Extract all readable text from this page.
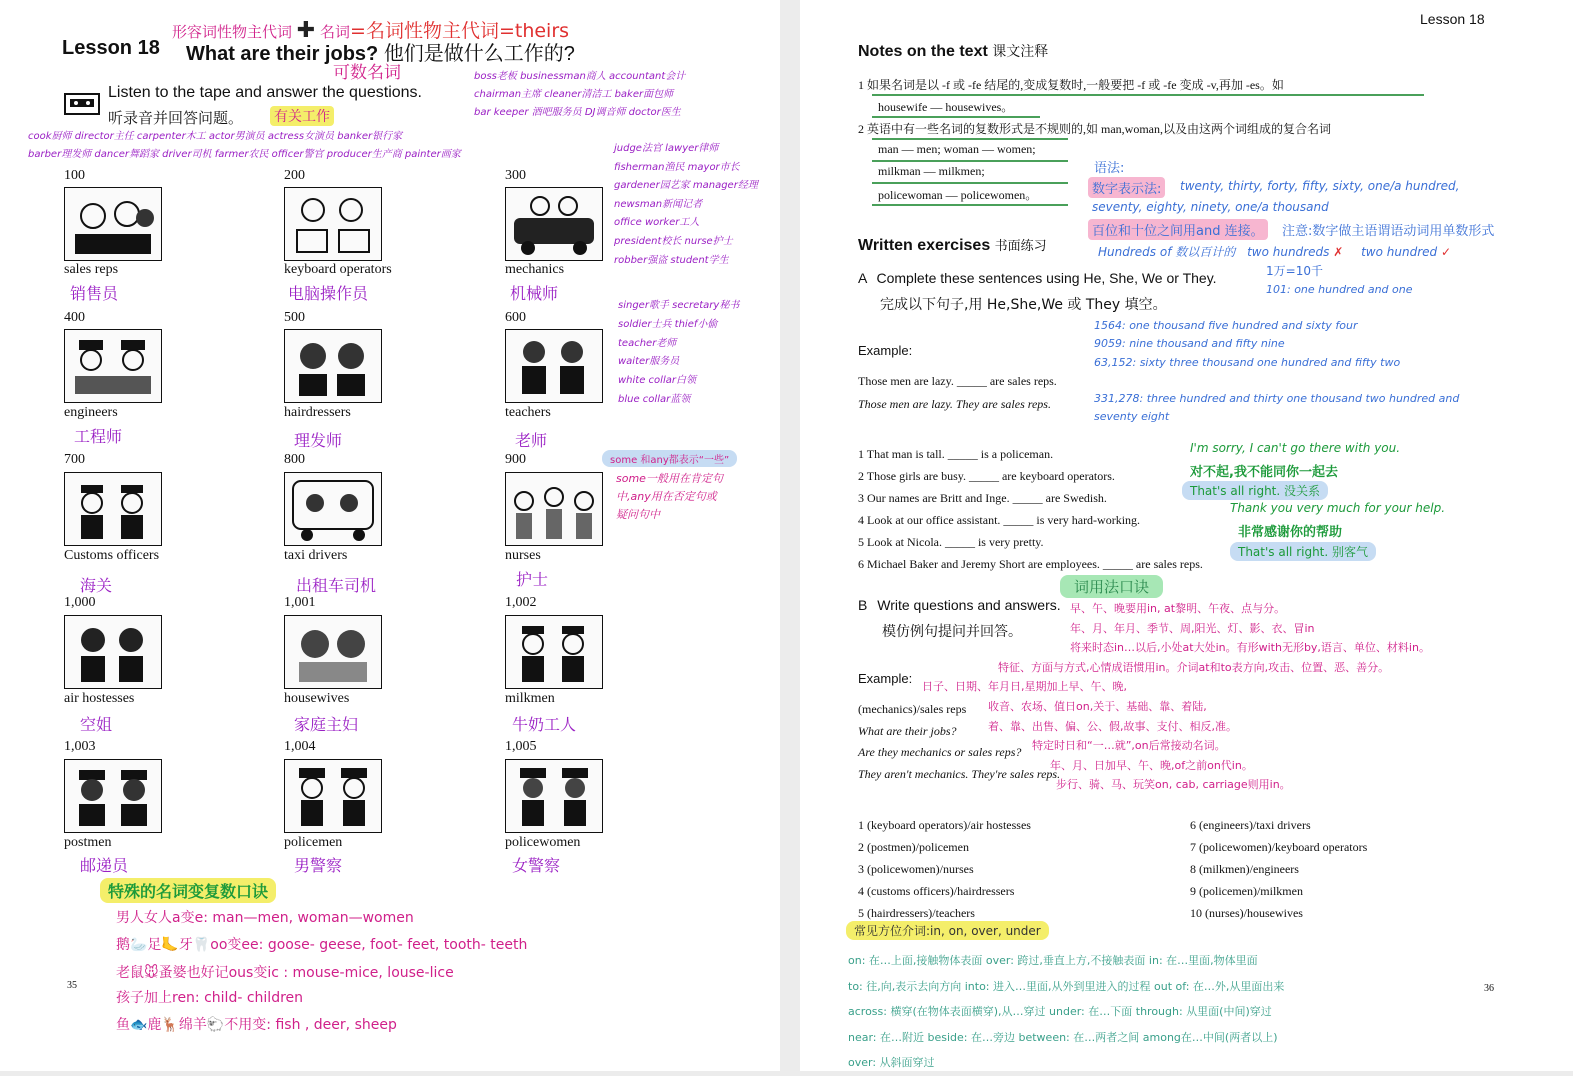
形容词性物主代词 ✚ 名词=名词性物主代词=theirs
Lesson 18 What are their jobs? 他们是做什么工作的?
可数名词
Listen to the tape and answer the questions.
听录音并回答问题。 有关工作
boss老板 businessman商人 accountant会计
chairman主席 cleaner清洁工 baker面包师
bar keeper 酒吧服务员 DJ调音师 doctor医生
cook厨师 director主任 carpenter木工 actor男演员 actress女演员 banker银行家
barber理发师 dancer舞蹈家 driver司机 farmer农民 officer警官 producer生产商 painter画家
judge法官 lawyer律师
fisherman渔民 mayor市长
gardener园艺家 manager经理
newsman新闻记者
office worker工人
president校长 nurse护士
robber强盗 student学生
singer歌手 secretary秘书
soldier士兵 thief小偷
teacher老师
waiter服务员
white collar白领
blue collar蓝领
some 和any都表示“一些”
some一般用在肯定句
中,any用在否定句或
疑问句中
100
sales reps
销售员
200
keyboard operators
电脑操作员
300
mechanics
机械师
400
engineers
工程师
500
hairdressers
理发师
600
teachers
老师
700
Customs officers
海关
800
taxi drivers
出租车司机
900
nurses
护士
1,000
air hostesses
空姐
1,001
housewives
家庭主妇
1,002
milkmen
牛奶工人
1,003
postmen
邮递员
1,004
policemen
男警察
1,005
policewomen
女警察
特殊的名词变复数口诀
男人女人a变e: man—men, woman—women
鹅🦢足🦶牙🦷oo变ee: goose- geese, foot- feet, tooth- teeth
老鼠🐭蚤婆也好记ous变ic : mouse-mice, louse-lice
孩子加上ren: child- children
鱼🐟鹿🦌绵羊🐑不用变: fish , deer, sheep
35
Lesson 18
Notes on the text 课文注释
1 如果名词是以 -f 或 -fe 结尾的,变成复数时,一般要把 -f 或 -fe 变成 -v,再加 -es。如
housewife — housewives。
2 英语中有一些名词的复数形式是不规则的,如 man,woman,以及由这两个词组成的复合名词
man — men; woman — women;
milkman — milkmen;
policewoman — policewomen。
语法:
数字表示法:	twenty, thirty, forty, fifty, sixty, one/a hundred,
seventy, eighty, ninety, one/a thousand
百位和十位之间用and 连接。	注意:数字做主语谓语动词用单数形式
Written exercises 书面练习	Hundreds of 数以百计的 two hundreds ✗ two hundred ✓
1万=10千
101: one hundred and one
1564: one thousand five hundred and sixty four
9059: nine thousand and fifty nine
63,152: sixty three thousand one hundred and fifty two
331,278: three hundred and thirty one thousand two hundred and
seventy eight
A Complete these sentences using He, She, We or They.
完成以下句子,用 He,She,We 或 They 填空。
Example:
Those men are lazy. _____ are sales reps.
Those men are lazy. They are sales reps.
1 That man is tall. _____ is a policeman.
2 Those girls are busy. _____ are keyboard operators.
3 Our names are Britt and Inge. _____ are Swedish.
4 Look at our office assistant. _____ is very hard-working.
5 Look at Nicola. _____ is very pretty.
6 Michael Baker and Jeremy Short are employees. _____ are sales reps.
I'm sorry, I can't go there with you.
对不起,我不能同你一起去
That's all right. 没关系
Thank you very much for your help.
非常感谢你的帮助
That's all right. 别客气
词用法口诀
B Write questions and answers.
模仿例句提问并回答。
Example:
(mechanics)/sales reps
What are their jobs?
Are they mechanics or sales reps?
They aren't mechanics. They're sales reps.
早、午、晚要用in, at黎明、午夜、点与分。
年、月、年月、季节、周,阳光、灯、影、衣、冒in
将来时态in…以后,小处at大处in。有形with无形by,语言、单位、材料in。
特征、方面与方式,心情成语惯用in。介词at和to表方向,攻击、位置、恶、善分。
日子、日期、年月日,星期加上早、午、晚,
收音、农场、值日on,关于、基础、靠、着陆,
着、靠、出售、偏、公、假,故事、支付、相反,准。
特定时日和“一…就”,on后常接动名词。
年、月、日加早、午、晚,of之前on代in。
步行、骑、马、玩笑on, cab, carriage则用in。
1 (keyboard operators)/air hostesses
2 (postmen)/policemen
3 (policewomen)/nurses
4 (customs officers)/hairdressers
5 (hairdressers)/teachers
6 (engineers)/taxi drivers
7 (policewomen)/keyboard operators
8 (milkmen)/engineers
9 (policemen)/milkmen
10 (nurses)/housewives
常见方位介词:in, on, over, under
on: 在…上面,接触物体表面 over: 跨过,垂直上方,不接触表面 in: 在…里面,物体里面
to: 往,向,表示去向方向 into: 进入…里面,从外到里进入的过程 out of: 在…外,从里面出来
across: 横穿(在物体表面横穿),从…穿过 under: 在…下面 through: 从里面(中间)穿过
near: 在…附近 beside: 在…旁边 between: 在…两者之间 among在…中间(两者以上)
over: 从斜面穿过
36
